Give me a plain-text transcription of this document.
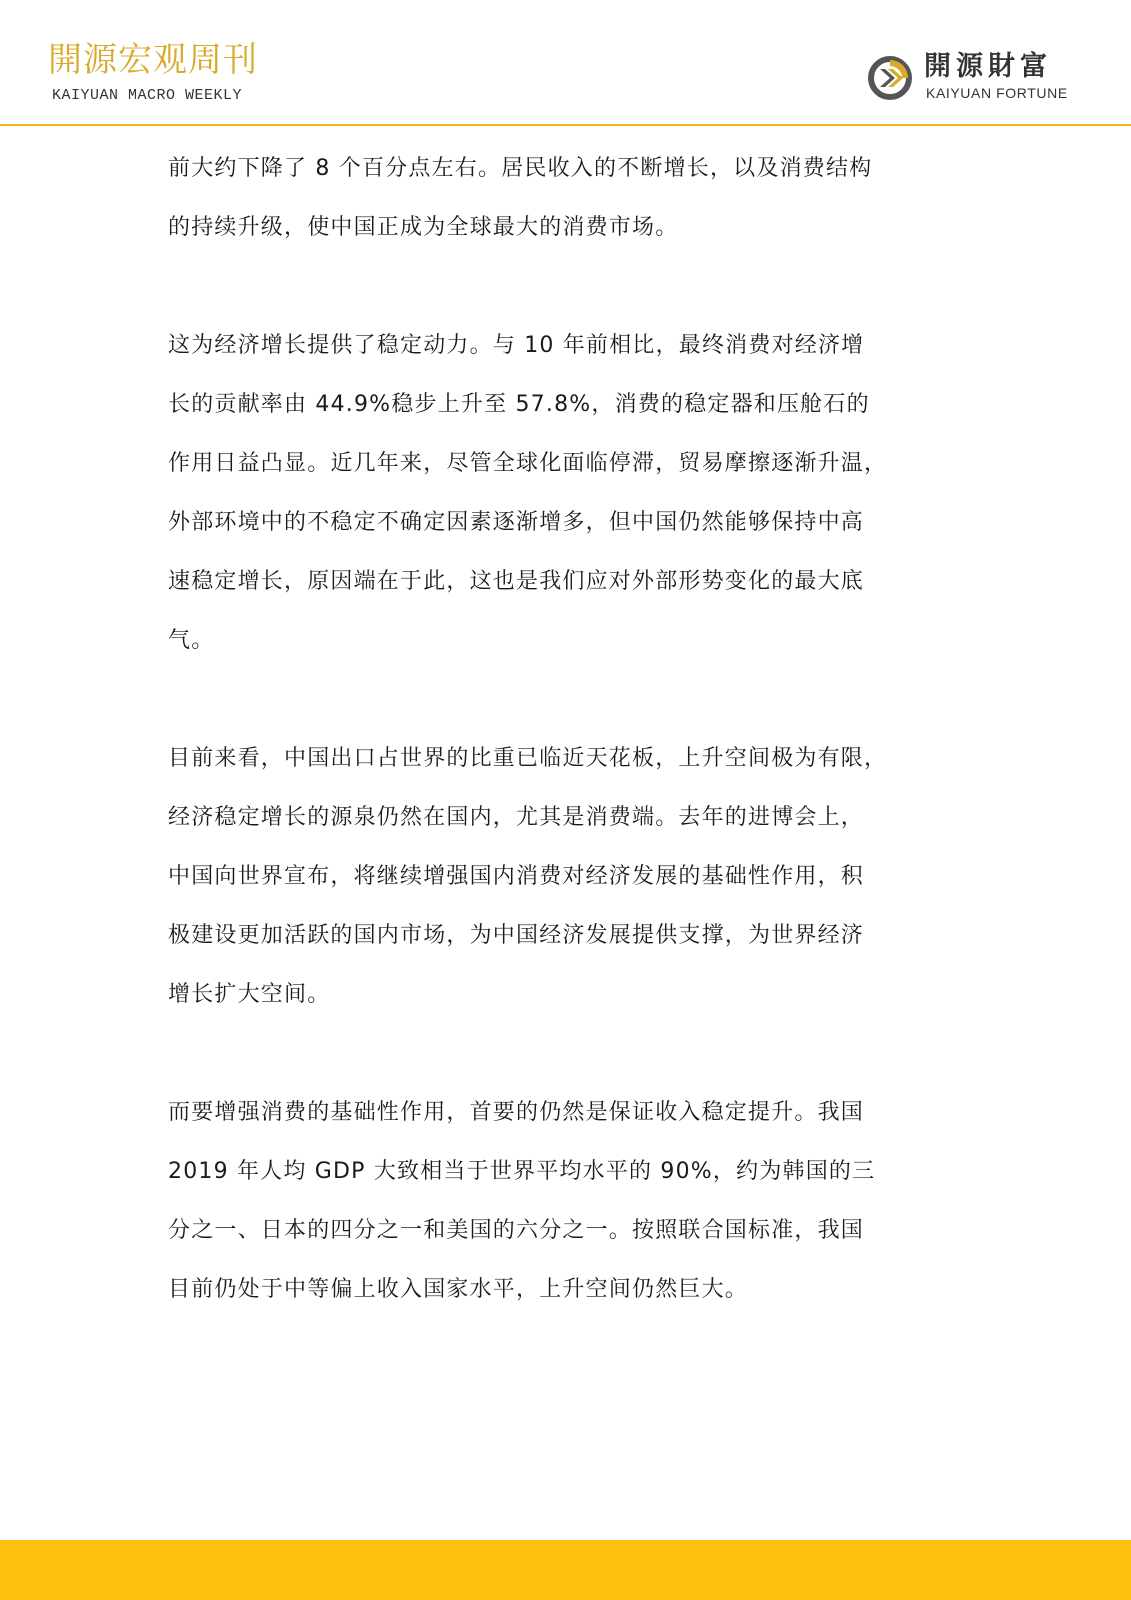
開源宏观周刊
KAIYUAN MACRO WEEKLY
開源財富
KAIYUAN FORTUNE

前大约下降了 8 个百分点左右。居民收入的不断增长，以及消费结构
的持续升级，使中国正成为全球最大的消费市场。

这为经济增长提供了稳定动力。与 10 年前相比，最终消费对经济增
长的贡献率由 44.9%稳步上升至 57.8%，消费的稳定器和压舱石的
作用日益凸显。近几年来，尽管全球化面临停滞，贸易摩擦逐渐升温，
外部环境中的不稳定不确定因素逐渐增多，但中国仍然能够保持中高
速稳定增长，原因端在于此，这也是我们应对外部形势变化的最大底
气。

目前来看，中国出口占世界的比重已临近天花板，上升空间极为有限，
经济稳定增长的源泉仍然在国内，尤其是消费端。去年的进博会上，
中国向世界宣布，将继续增强国内消费对经济发展的基础性作用，积
极建设更加活跃的国内市场，为中国经济发展提供支撑，为世界经济
增长扩大空间。

而要增强消费的基础性作用，首要的仍然是保证收入稳定提升。我国
2019 年人均 GDP 大致相当于世界平均水平的 90%，约为韩国的三
分之一、日本的四分之一和美国的六分之一。按照联合国标准，我国
目前仍处于中等偏上收入国家水平，上升空间仍然巨大。
